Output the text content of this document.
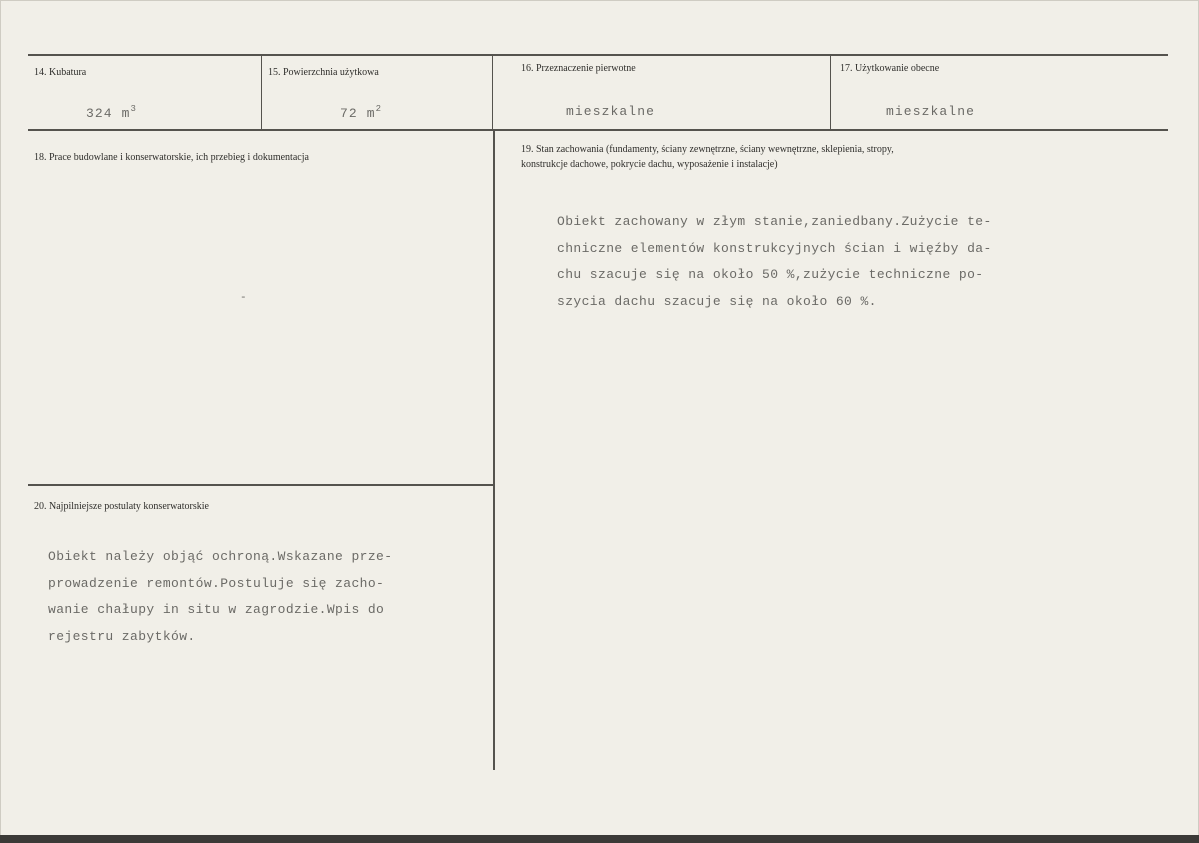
14. Kubatura	15. Powierzchnia użytkowa	16. Przeznaczenie pierwotne	17. Użytkowanie obecne
324 $m^3$	72 $m^2$	mieszkalne	mieszkalne
18. Prace budowlane i konserwatorskie, ich przebieg i dokumentacja
-
19. Stan zachowania (fundamenty, ściany zewnętrzne, ściany wewnętrzne, sklepienia, stropy,
konstrukcje dachowe, pokrycie dachu, wyposażenie i instalacje)
Obiekt zachowany w złym stanie,zaniedbany.Zużycie te-
chniczne elementów konstrukcyjnych ścian i więźby da-
chu szacuje się na około 50 %,zużycie techniczne po-
szycia dachu szacuje się na około 60 %.
20. Najpilniejsze postulaty konserwatorskie
Obiekt należy objąć ochroną.Wskazane prze-
prowadzenie remontów.Postuluje się zacho-
wanie chałupy in situ w zagrodzie.Wpis do
rejestru zabytków.
